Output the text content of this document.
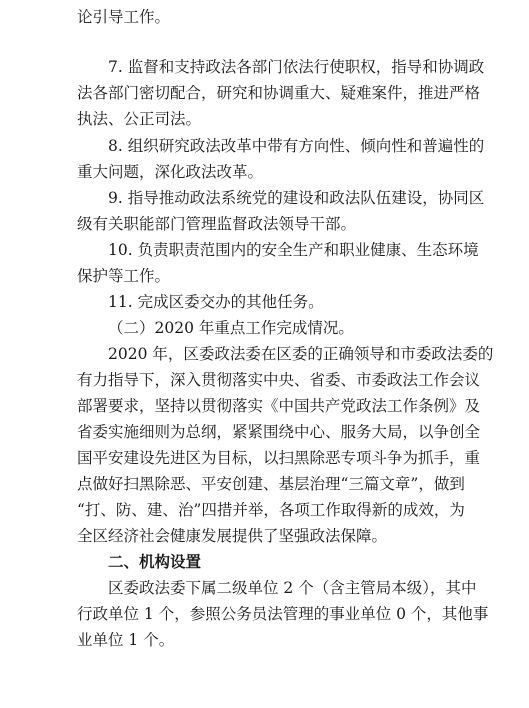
论引导工作。
7. 监督和支持政法各部门依法行使职权，指导和协调政
法各部门密切配合，研究和协调重大、疑难案件，推进严格
执法、公正司法。
8. 组织研究政法改革中带有方向性、倾向性和普遍性的
重大问题，深化政法改革。
9. 指导推动政法系统党的建设和政法队伍建设，协同区
级有关职能部门管理监督政法领导干部。
10. 负责职责范围内的安全生产和职业健康、生态环境
保护等工作。
11. 完成区委交办的其他任务。
（二）2020 年重点工作完成情况。
2020 年，区委政法委在区委的正确领导和市委政法委的
有力指导下，深入贯彻落实中央、省委、市委政法工作会议
部署要求，坚持以贯彻落实《中国共产党政法工作条例》及
省委实施细则为总纲，紧紧围绕中心、服务大局，以争创全
国平安建设先进区为目标，以扫黑除恶专项斗争为抓手，重
点做好扫黑除恶、平安创建、基层治理“三篇文章”，做到
“打、防、建、治”四措并举，各项工作取得新的成效，为
全区经济社会健康发展提供了坚强政法保障。
二、机构设置
区委政法委下属二级单位 2 个（含主管局本级），其中
行政单位 1 个，参照公务员法管理的事业单位 0 个，其他事
业单位 1 个。
